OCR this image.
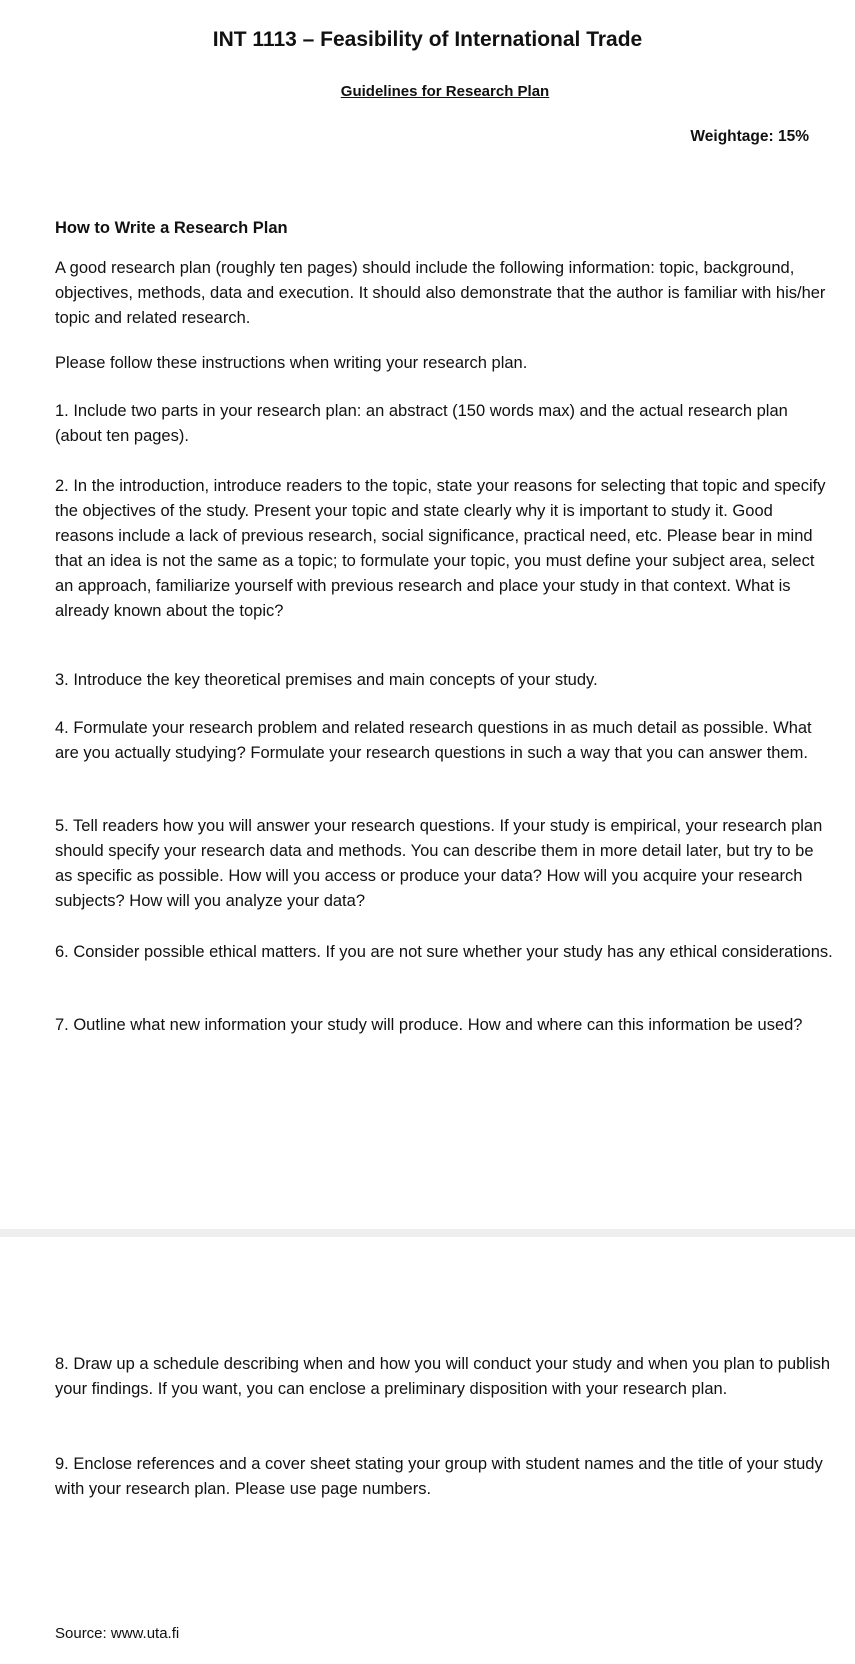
INT 1113 – Feasibility of International Trade

Guidelines for Research Plan

Weightage: 15%

How to Write a Research Plan

A good research plan (roughly ten pages) should include the following information: topic, background, objectives, methods, data and execution. It should also demonstrate that the author is familiar with his/her topic and related research.

Please follow these instructions when writing your research plan.

1. Include two parts in your research plan: an abstract (150 words max) and the actual research plan (about ten pages).

2. In the introduction, introduce readers to the topic, state your reasons for selecting that topic and specify the objectives of the study. Present your topic and state clearly why it is important to study it. Good reasons include a lack of previous research, social significance, practical need, etc. Please bear in mind that an idea is not the same as a topic; to formulate your topic, you must define your subject area, select an approach, familiarize yourself with previous research and place your study in that context. What is already known about the topic?

3. Introduce the key theoretical premises and main concepts of your study.

4. Formulate your research problem and related research questions in as much detail as possible. What are you actually studying? Formulate your research questions in such a way that you can answer them.

5. Tell readers how you will answer your research questions. If your study is empirical, your research plan should specify your research data and methods. You can describe them in more detail later, but try to be as specific as possible. How will you access or produce your data? How will you acquire your research subjects? How will you analyze your data?

6. Consider possible ethical matters. If you are not sure whether your study has any ethical considerations.

7. Outline what new information your study will produce. How and where can this information be used?

8. Draw up a schedule describing when and how you will conduct your study and when you plan to publish your findings. If you want, you can enclose a preliminary disposition with your research plan.

9. Enclose references and a cover sheet stating your group with student names and the title of your study with your research plan. Please use page numbers.

Source: www.uta.fi
